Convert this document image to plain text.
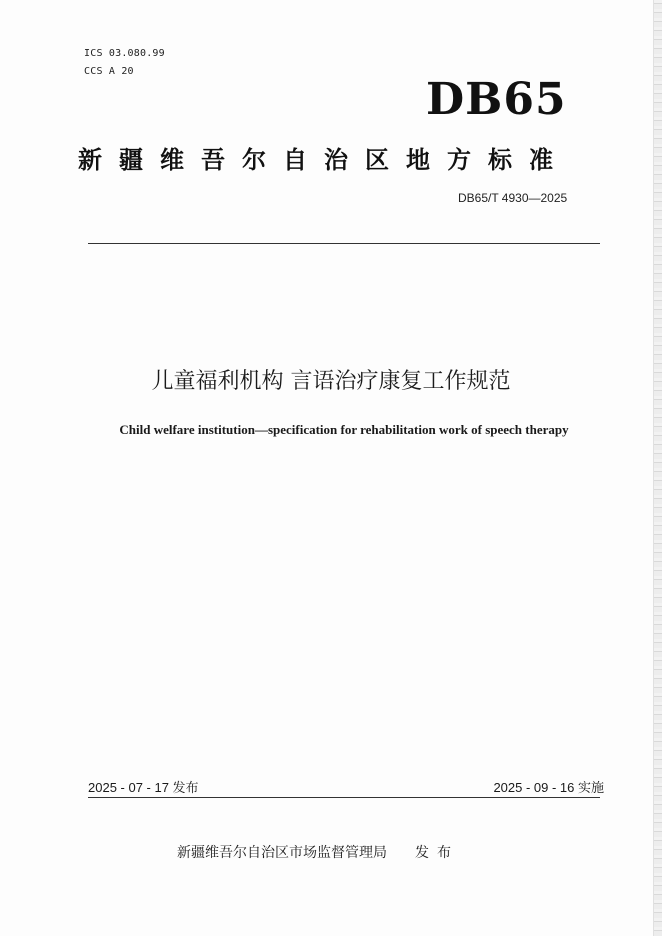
ICS 03.080.99
CCS A 20
DB65
新疆维吾尔自治区地方标准
DB65/T 4930—2025
儿童福利机构 言语治疗康复工作规范
Child welfare institution—specification for rehabilitation work of speech therapy
2025 - 07 - 17 发布	2025 - 09 - 16 实施
新疆维吾尔自治区市场监督管理局 发布
